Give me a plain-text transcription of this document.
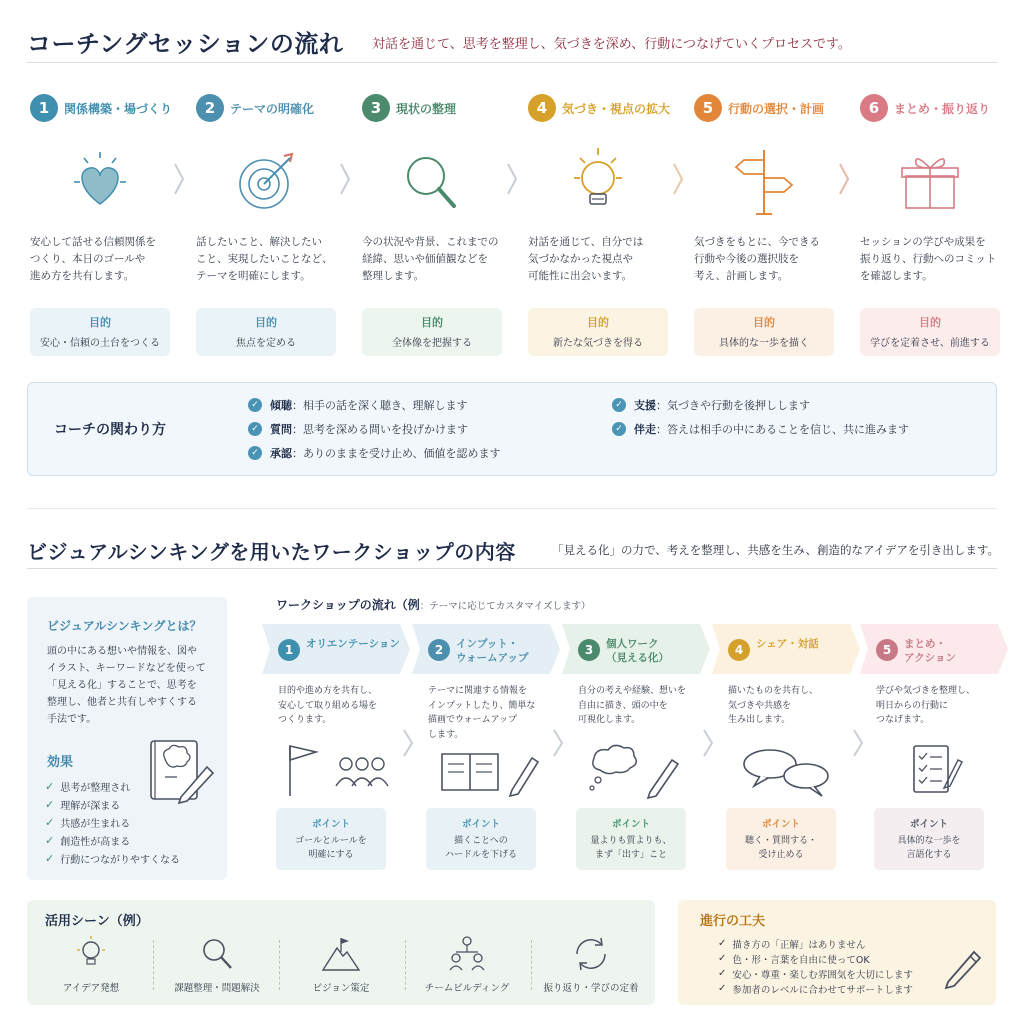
コーチングセッションの流れ 対話を通じて、思考を整理し、気づきを深め、行動につなげていくプロセスです。
1	関係構築・場づくり
安心して話せる信頼関係を
つくり、本日のゴールや
進め方を共有します。
目的
安心・信頼の土台をつくる
2	テーマの明確化
話したいこと、解決したい
こと、実現したいことなど、
テーマを明確にします。
目的
焦点を定める
3	現状の整理
今の状況や背景、これまでの
経緯、思いや価値観などを
整理します。
目的
全体像を把握する
4	気づき・視点の拡大
対話を通じて、自分では
気づかなかった視点や
可能性に出会います。
目的
新たな気づきを得る
5	行動の選択・計画
気づきをもとに、今できる
行動や今後の選択肢を
考え、計画します。
目的
具体的な一歩を描く
6	まとめ・振り返り
セッションの学びや成果を
振り返り、行動へのコミット
を確認します。
目的
学びを定着させ、前進する
コーチの関わり方
✓ 傾聴 ：相手の話を深く聴き、理解します
✓ 質問 ：思考を深める問いを投げかけます
✓ 承認 ：ありのままを受け止め、価値を認めます
✓ 支援 ：気づきや行動を後押しします
✓ 伴走 ：答えは相手の中にあることを信じ、共に進みます
ビジュアルシンキングを用いたワークショップの内容	「見える化」の力で、考えを整理し、共感を生み、創造的なアイデアを引き出します。
ビジュアルシンキングとは？
頭の中にある想いや情報を、図や
イラスト、キーワードなどを使って
「見える化」することで、思考を
整理し、他者と共有しやすくする
手法です。
効果
✓ 思考が整理され
✓ 理解が深まる
✓ 共感が生まれる
✓ 創造性が高まる
✓ 行動につながりやすくなる
ワークショップの流れ（例：テーマに応じてカスタマイズします）
1	オリエンテーション
目的や進め方を共有し、
安心して取り組める場を
つくります。
ポイント
ゴールとルールを
明確にする
2	インプット・
ウォームアップ
テーマに関連する情報を
インプットしたり、簡単な
描画でウォームアップ
します。
ポイント
描くことへの
ハードルを下げる
3	個人ワーク
（見える化）
自分の考えや経験、想いを
自由に描き、頭の中を
可視化します。
ポイント
量よりも質よりも、
まず「出す」こと
4	シェア・対話
描いたものを共有し、
気づきや共感を
生み出します。
ポイント
聴く・質問する・
受け止める
5	まとめ・
アクション
学びや気づきを整理し、
明日からの行動に
つなげます。
ポイント
具体的な一歩を
言語化する
活用シーン（例）
アイデア発想	課題整理・問題解決	ビジョン策定	チームビルディング	振り返り・学びの定着
進行の工夫
✓ 描き方の「正解」はありません
✓ 色・形・言葉を自由に使ってOK
✓ 安心・尊重・楽しむ雰囲気を大切にします
✓ 参加者のレベルに合わせてサポートします
